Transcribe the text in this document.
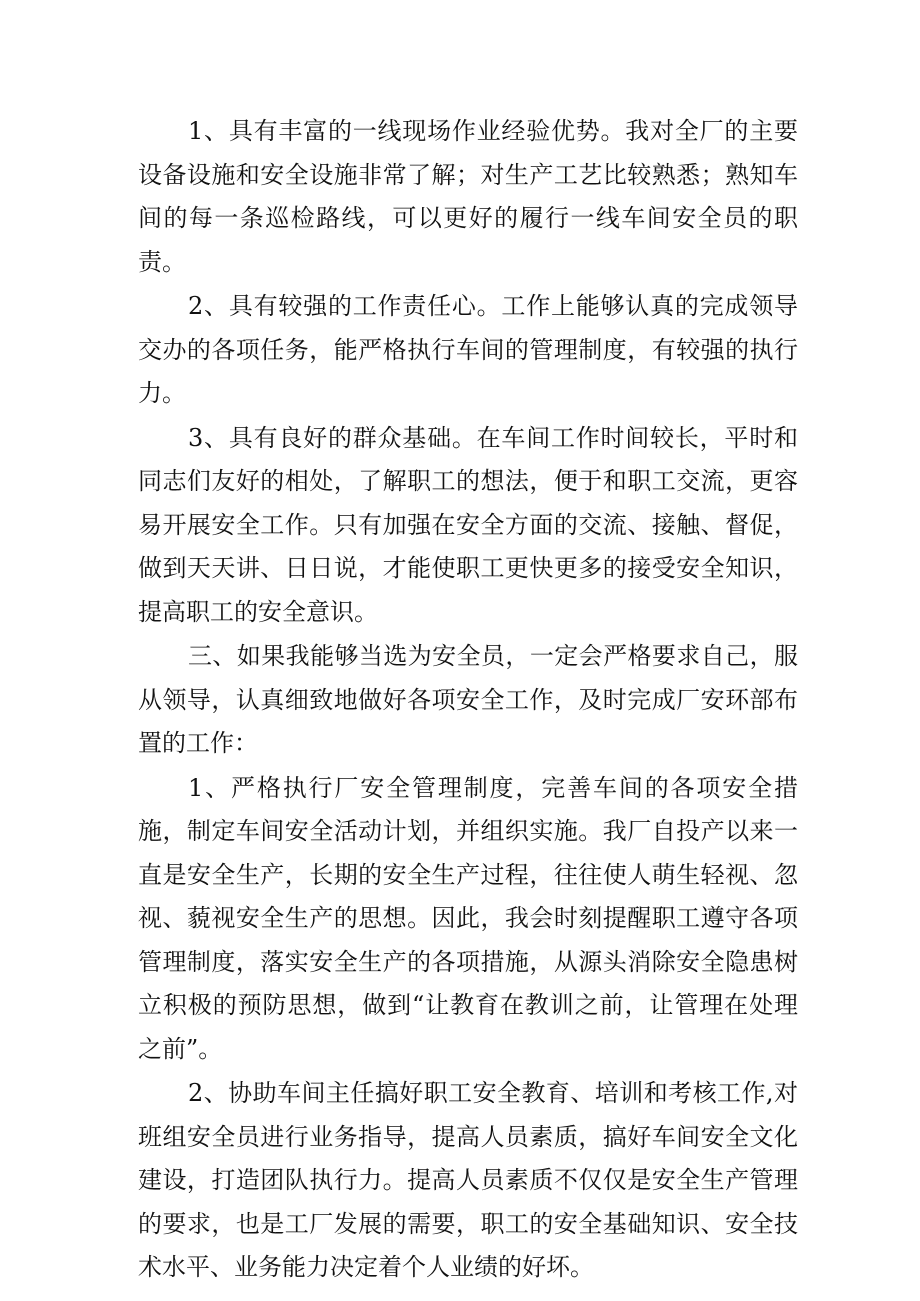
1、具有丰富的一线现场作业经验优势。我对全厂的主要设备设施和安全设施非常了解；对生产工艺比较熟悉；熟知车间的每一条巡检路线，可以更好的履行一线车间安全员的职责。

2、具有较强的工作责任心。工作上能够认真的完成领导交办的各项任务，能严格执行车间的管理制度，有较强的执行力。

3、具有良好的群众基础。在车间工作时间较长，平时和同志们友好的相处，了解职工的想法，便于和职工交流，更容易开展安全工作。只有加强在安全方面的交流、接触、督促，做到天天讲、日日说，才能使职工更快更多的接受安全知识，提高职工的安全意识。

三、如果我能够当选为安全员，一定会严格要求自己，服从领导，认真细致地做好各项安全工作，及时完成厂安环部布置的工作：

1、严格执行厂安全管理制度，完善车间的各项安全措施，制定车间安全活动计划，并组织实施。我厂自投产以来一直是安全生产，长期的安全生产过程，往往使人萌生轻视、忽视、藐视安全生产的思想。因此，我会时刻提醒职工遵守各项管理制度，落实安全生产的各项措施，从源头消除安全隐患树立积极的预防思想，做到“让教育在教训之前，让管理在处理之前”。

2、协助车间主任搞好职工安全教育、培训和考核工作,对班组安全员进行业务指导，提高人员素质，搞好车间安全文化建设，打造团队执行力。提高人员素质不仅仅是安全生产管理的要求，也是工厂发展的需要，职工的安全基础知识、安全技术水平、业务能力决定着个人业绩的好坏。
